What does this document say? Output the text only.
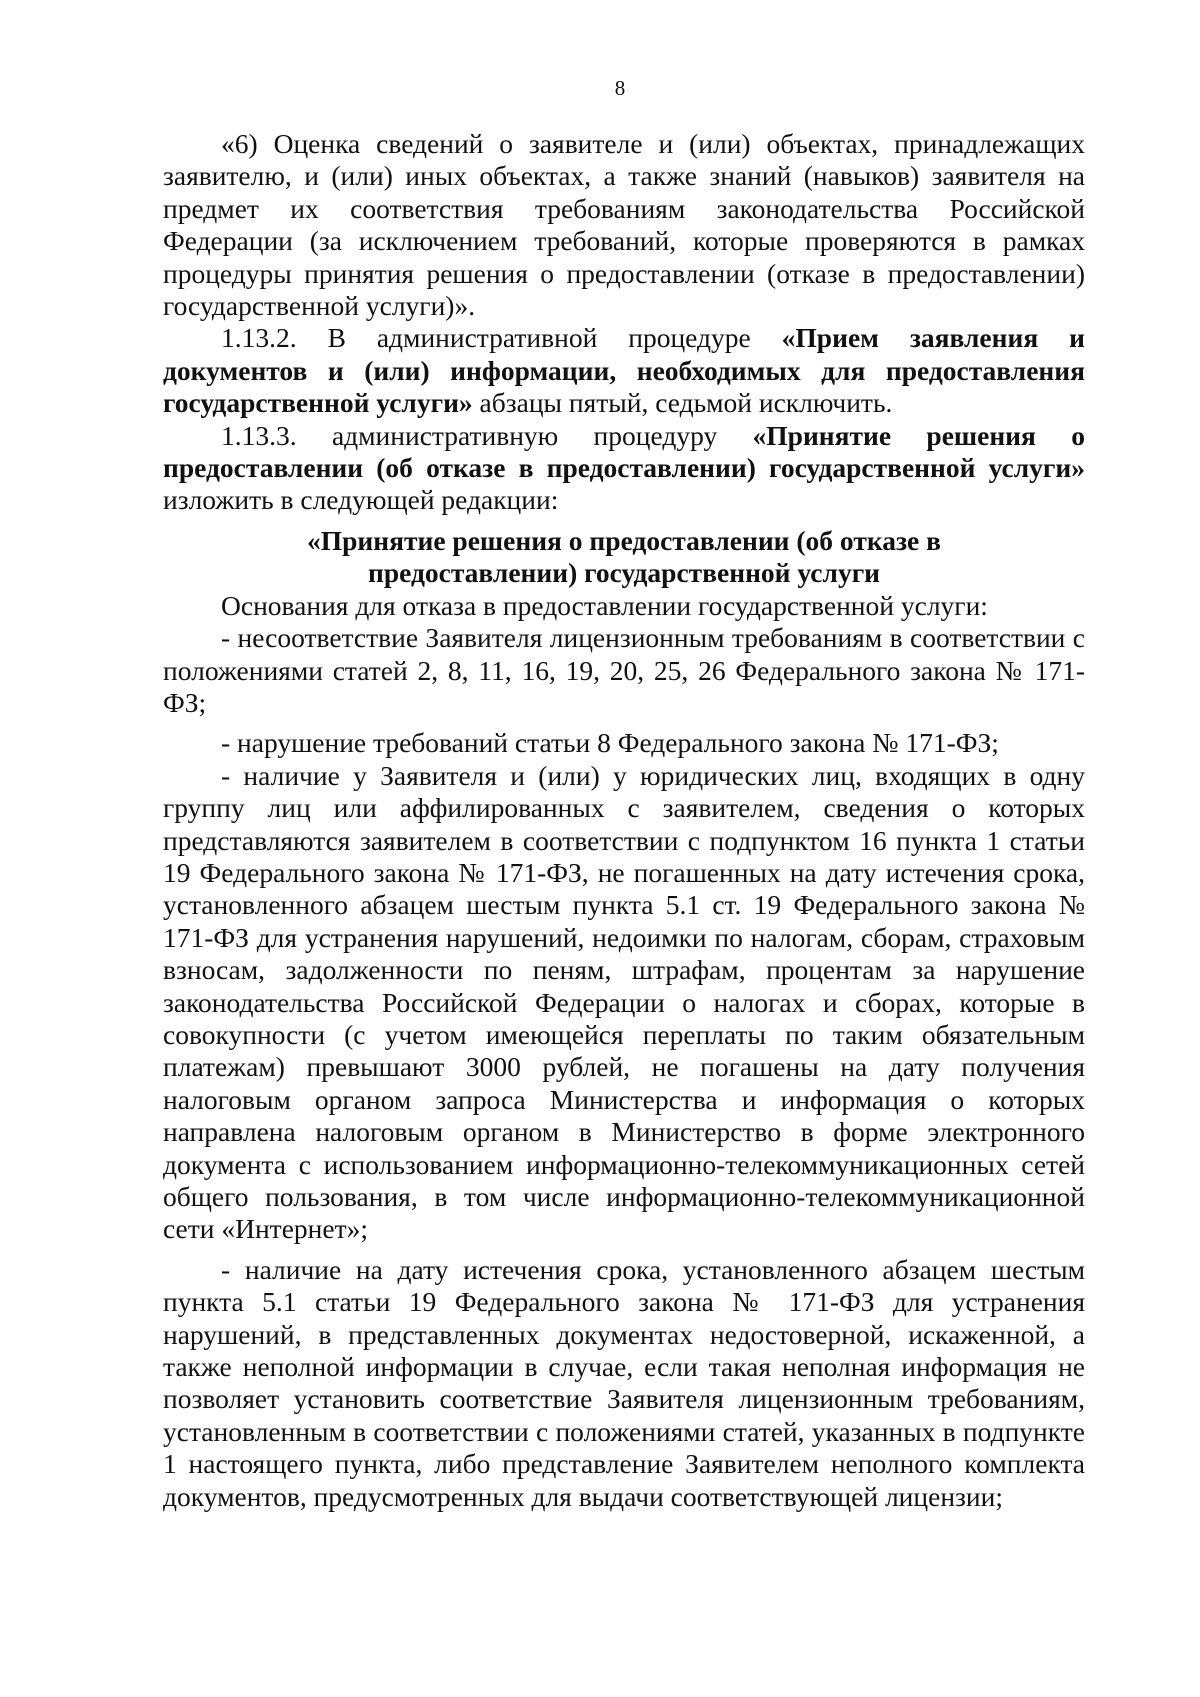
8

«6) Оценка сведений о заявителе и (или) объектах, принадлежащих заявителю, и (или) иных объектах, а также знаний (навыков) заявителя на предмет их соответствия требованиям законодательства Российской Федерации (за исключением требований, которые проверяются в рамках процедуры принятия решения о предоставлении (отказе в предоставлении) государственной услуги)».

1.13.2. В административной процедуре «Прием заявления и документов и (или) информации, необходимых для предоставления государственной услуги» абзацы пятый, седьмой исключить.

1.13.3. административную процедуру «Принятие решения о предоставлении (об отказе в предоставлении) государственной услуги» изложить в следующей редакции:

«Принятие решения о предоставлении (об отказе в предоставлении) государственной услуги

Основания для отказа в предоставлении государственной услуги:

- несоответствие Заявителя лицензионным требованиям в соответствии с положениями статей 2, 8, 11, 16, 19, 20, 25, 26 Федерального закона № 171-ФЗ;

- нарушение требований статьи 8 Федерального закона № 171-ФЗ;

- наличие у Заявителя и (или) у юридических лиц, входящих в одну группу лиц или аффилированных с заявителем, сведения о которых представляются заявителем в соответствии с подпунктом 16 пункта 1 статьи 19 Федерального закона № 171-ФЗ, не погашенных на дату истечения срока, установленного абзацем шестым пункта 5.1 ст. 19 Федерального закона № 171-ФЗ для устранения нарушений, недоимки по налогам, сборам, страховым взносам, задолженности по пеням, штрафам, процентам за нарушение законодательства Российской Федерации о налогах и сборах, которые в совокупности (с учетом имеющейся переплаты по таким обязательным платежам) превышают 3000 рублей, не погашены на дату получения налоговым органом запроса Министерства и информация о которых направлена налоговым органом в Министерство в форме электронного документа с использованием информационно-телекоммуникационных сетей общего пользования, в том числе информационно-телекоммуникационной сети «Интернет»;

- наличие на дату истечения срока, установленного абзацем шестым пункта 5.1 статьи 19 Федерального закона № 171-ФЗ для устранения нарушений, в представленных документах недостоверной, искаженной, а также неполной информации в случае, если такая неполная информация не позволяет установить соответствие Заявителя лицензионным требованиям, установленным в соответствии с положениями статей, указанных в подпункте 1 настоящего пункта, либо представление Заявителем неполного комплекта документов, предусмотренных для выдачи соответствующей лицензии;
